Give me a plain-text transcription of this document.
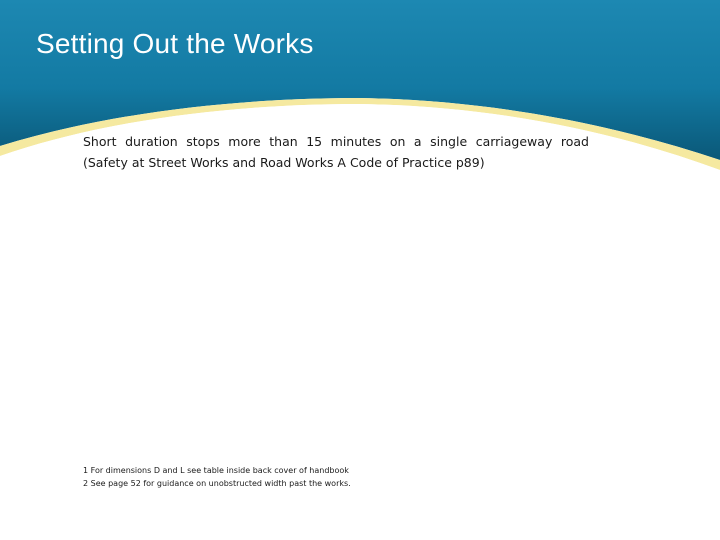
Setting Out the Works

Short duration stops more than 15 minutes on a single carriageway road
(Safety at Street Works and Road Works A Code of Practice p89)

1 For dimensions D and L see table inside back cover of handbook
2 See page 52 for guidance on unobstructed width past the works.
